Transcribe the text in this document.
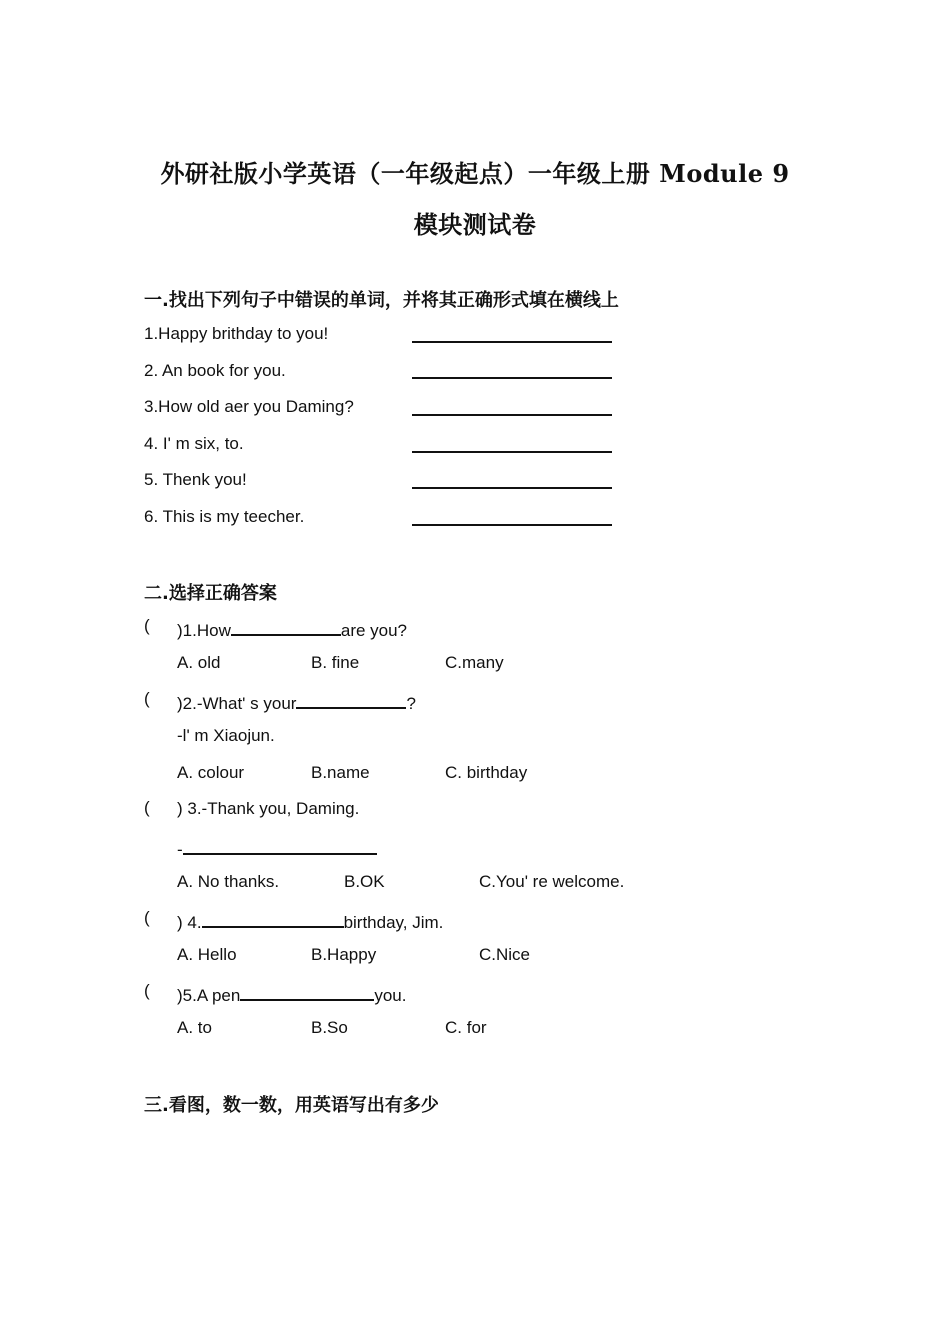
外研社版小学英语（一年级起点）一年级上册 Module 9
模块测试卷
一.找出下列句子中错误的单词，并将其正确形式填在横线上
1.Happy brithday to you!
2. An book for you.
3.How old aer you Daming?
4. I' m six, to.
5. Thenk you!
6. This is my teecher.
二.选择正确答案
( )1.How	are you?
A. old	B. fine	C.many
( )2.-What' s your	?
-l' m Xiaojun.
A. colour	B.name	C. birthday
( ) 3.-Thank you, Daming.
-
A. No thanks.	B.OK	C.You' re welcome.
( ) 4.	birthday, Jim.
A. Hello	B.Happy	C.Nice
( )5.A pen	you.
A. to	B.So	C. for
三.看图，数一数，用英语写出有多少
